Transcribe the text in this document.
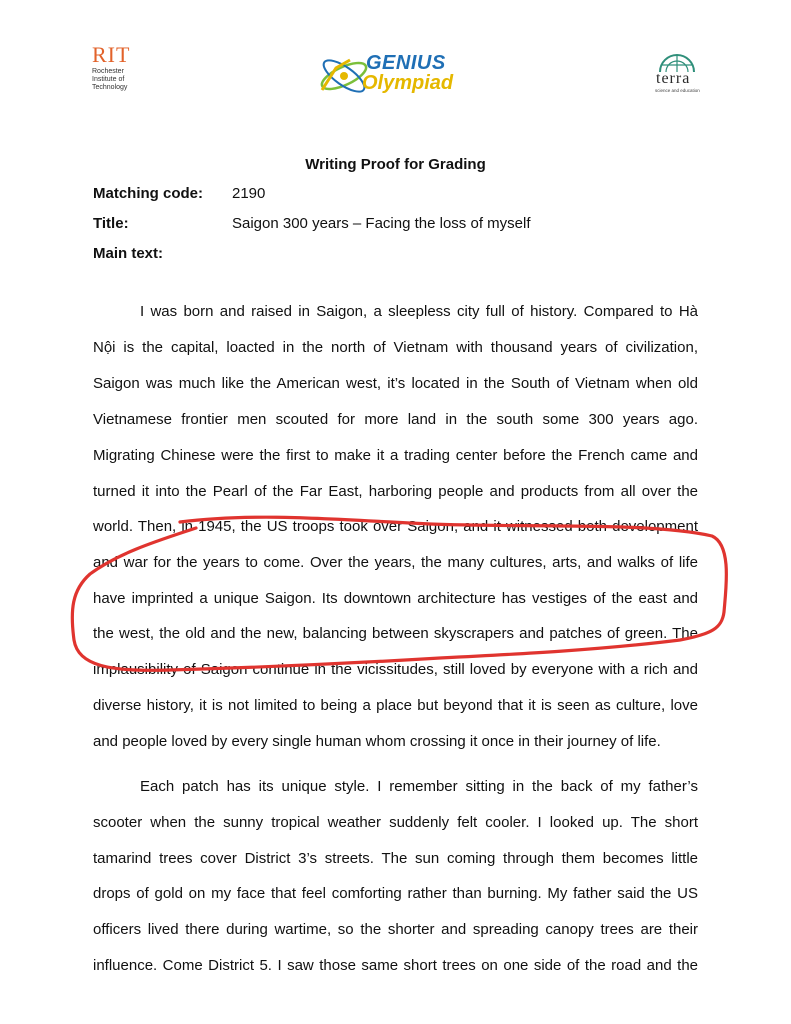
RIT
Rochester
Institute of
Technology
GENIUS
Olympiad	terra
science and education
Writing Proof for Grading
Matching code: 2190
Title:	Saigon 300 years – Facing the loss of myself
Main text:
I was born and raised in Saigon, a sleepless city full of history. Compared to Hà
Nội is the capital, loacted in the north of Vietnam with thousand years of civilization,
Saigon was much like the American west, it’s located in the South of Vietnam when old
Vietnamese frontier men scouted for more land in the south some 300 years ago.
Migrating Chinese were the first to make it a trading center before the French came and
turned it into the Pearl of the Far East, harboring people and products from all over the
world. Then, in 1945, the US troops took over Saigon, and it witnessed both development
and war for the years to come. Over the years, the many cultures, arts, and walks of life
have imprinted a unique Saigon. Its downtown architecture has vestiges of the east and
the west, the old and the new, balancing between skyscrapers and patches of green. The
implausibility of Saigon continue in the vicissitudes, still loved by everyone with a rich and
diverse history, it is not limited to being a place but beyond that it is seen as culture, love
and people loved by every single human whom crossing it once in their journey of life.
Each patch has its unique style. I remember sitting in the back of my father’s
scooter when the sunny tropical weather suddenly felt cooler. I looked up. The short
tamarind trees cover District 3’s streets. The sun coming through them becomes little
drops of gold on my face that feel comforting rather than burning. My father said the US
officers lived there during wartime, so the shorter and spreading canopy trees are their
influence. Come District 5. I saw those same short trees on one side of the road and the
